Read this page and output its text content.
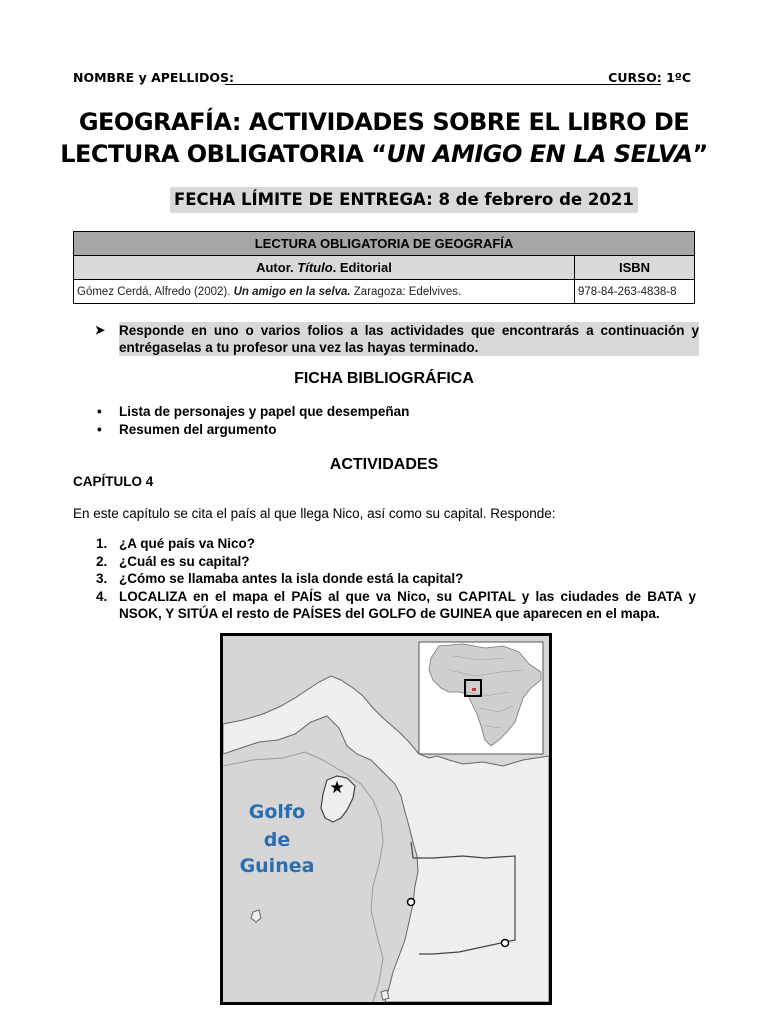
NOMBRE y APELLIDOS:	CURSO: 1ºC
GEOGRAFÍA: ACTIVIDADES SOBRE EL LIBRO DE
LECTURA OBLIGATORIA “UN AMIGO EN LA SELVA”
FECHA LÍMITE DE ENTREGA: 8 de febrero de 2021
LECTURA OBLIGATORIA DE GEOGRAFÍA	
Autor. Título. Editorial	ISBN
Gómez Cerdá, Alfredo (2002). Un amigo en la selva. Zaragoza: Edelvives.	978-84-263-4838-8
➤ Responde en uno o varios folios a las actividades que encontrarás a continuación y entrégaselas a tu profesor una vez las hayas terminado.
FICHA BIBLIOGRÁFICA
• Lista de personajes y papel que desempeñan
• Resumen del argumento
ACTIVIDADES
CAPÍTULO 4
En este capítulo se cita el país al que llega Nico, así como su capital. Responde:
1. ¿A qué país va Nico?
2. ¿Cuál es su capital?
3. ¿Cómo se llamaba antes la isla donde está la capital?
4. LOCALIZA en el mapa el PAÍS al que va Nico, su CAPITAL y las ciudades de BATA y NSOK, Y SITÚA el resto de PAÍSES del GOLFO de GUINEA que aparecen en el mapa.
★
Golfo
de
Guinea
